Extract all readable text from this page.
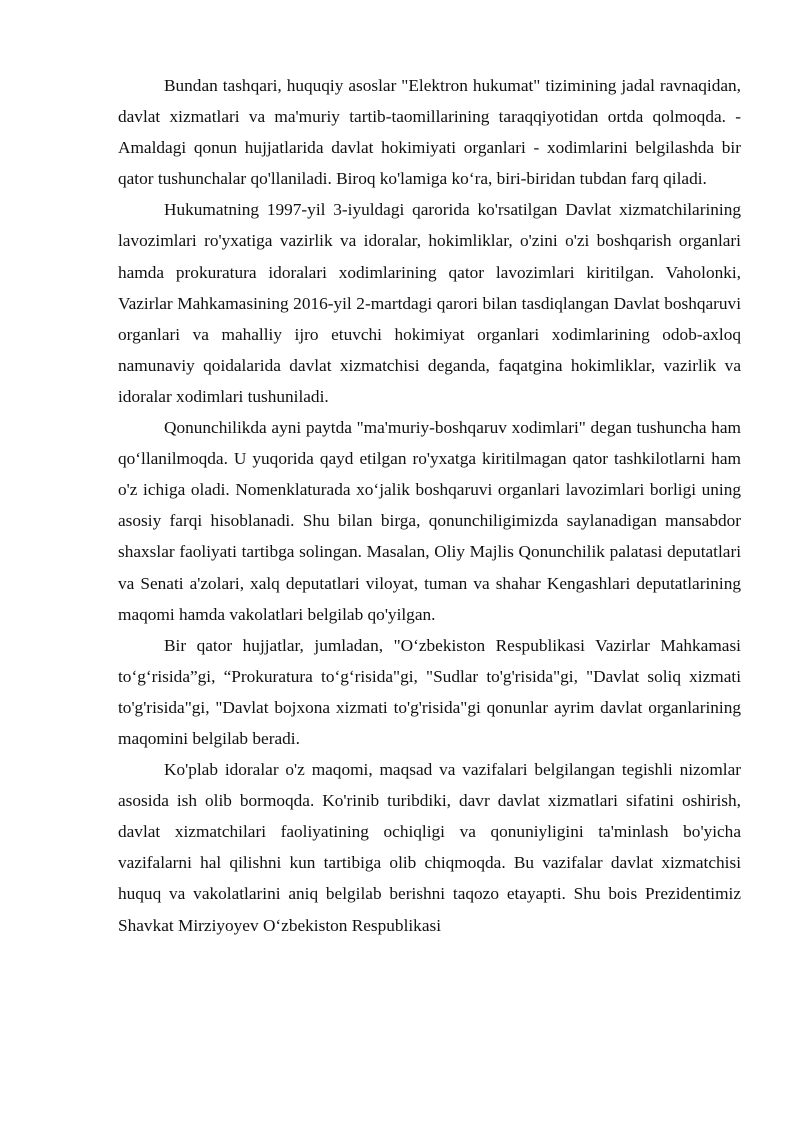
Bundan tashqari, huquqiy asoslar "Elektron hukumat" tizimining jadal ravnaqidan, davlat xizmatlari va ma'muriy tartib-taomillarining taraqqiyotidan ortda qolmoqda. - Amaldagi qonun hujjatlarida davlat hokimiyati organlari - xodimlarini belgilashda bir qator tushunchalar qo'llaniladi. Biroq ko'lamiga koʻra, biri-biridan tubdan farq qiladi.

Hukumatning 1997-yil 3-iyuldagi qarorida ko'rsatilgan Davlat xizmatchilarining lavozimlari ro'yxatiga vazirlik va idoralar, hokimliklar, o'zini o'zi boshqarish organlari hamda prokuratura idoralari xodimlarining qator lavozimlari kiritilgan. Vaholonki, Vazirlar Mahkamasining 2016-yil 2-martdagi qarori bilan tasdiqlangan Davlat boshqaruvi organlari va mahalliy ijro etuvchi hokimiyat organlari xodimlarining odob-axloq namunaviy qoidalarida davlat xizmatchisi deganda, faqatgina hokimliklar, vazirlik va idoralar xodimlari tushuniladi.

Qonunchilikda ayni paytda "ma'muriy-boshqaruv xodimlari" degan tushuncha ham qoʻllanilmoqda. U yuqorida qayd etilgan ro'yxatga kiritilmagan qator tashkilotlarni ham o'z ichiga oladi. Nomenklaturada xoʻjalik boshqaruvi organlari lavozimlari borligi uning asosiy farqi hisoblanadi. Shu bilan birga, qonunchiligimizda saylanadigan mansabdor shaxslar faoliyati tartibga solingan. Masalan, Oliy Majlis Qonunchilik palatasi deputatlari va Senati a'zolari, xalq deputatlari viloyat, tuman va shahar Kengashlari deputatlarining maqomi hamda vakolatlari belgilab qo'yilgan.

Bir qator hujjatlar, jumladan, "Oʻzbekiston Respublikasi Vazirlar Mahkamasi toʻgʻrisida”gi, “Prokuratura toʻgʻrisida"gi, "Sudlar to'g'risida"gi, "Davlat soliq xizmati to'g'risida"gi, "Davlat bojxona xizmati to'g'risida"gi qonunlar ayrim davlat organlarining maqomini belgilab beradi.

Ko'plab idoralar o'z maqomi, maqsad va vazifalari belgilangan tegishli nizomlar asosida ish olib bormoqda. Ko'rinib turibdiki, davr davlat xizmatlari sifatini oshirish, davlat xizmatchilari faoliyatining ochiqligi va qonuniyligini ta'minlash bo'yicha vazifalarni hal qilishni kun tartibiga olib chiqmoqda. Bu vazifalar davlat xizmatchisi huquq va vakolatlarini aniq belgilab berishni taqozo etayapti. Shu bois Prezidentimiz Shavkat Mirziyoyev Oʻzbekiston Respublikasi
